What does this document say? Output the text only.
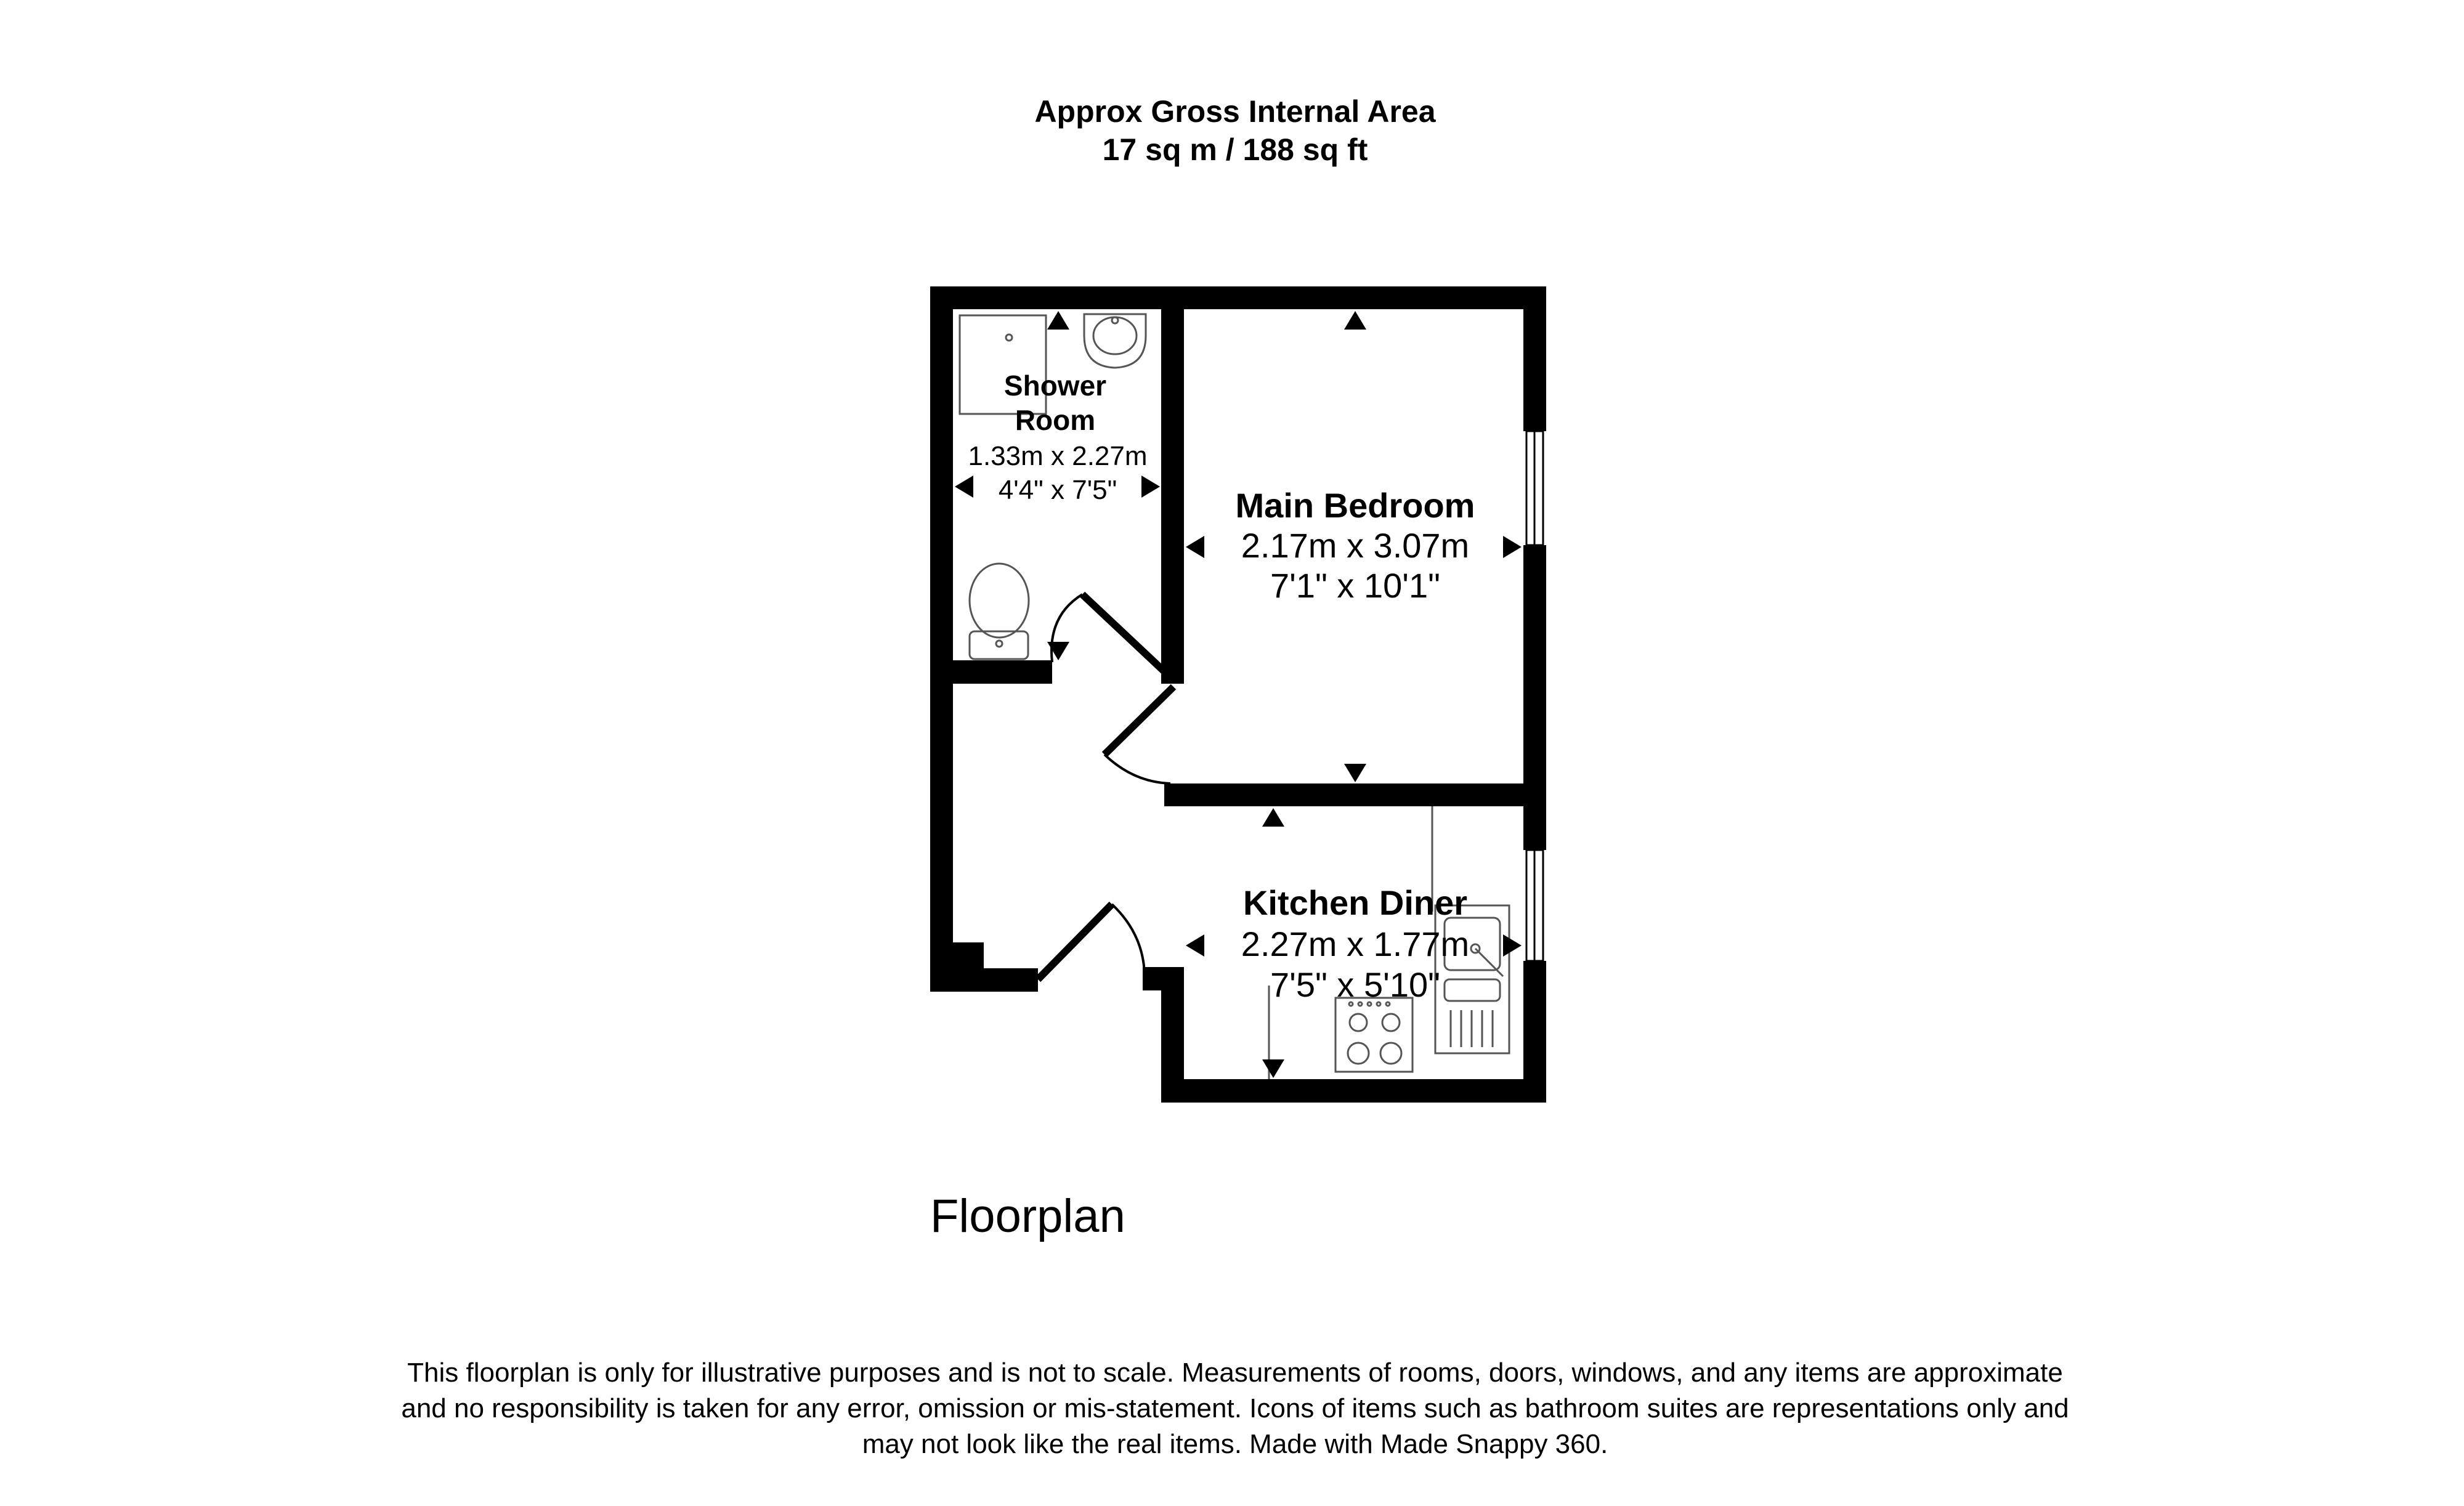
Approx Gross Internal Area
17 sq m / 188 sq ft
Shower
Room
1.33m x 2.27m
4'4" x 7'5"	Main Bedroom
2.17m x 3.07m
7'1" x 10'1"
Kitchen Diner
2.27m x 1.77m
7'5" x 5'10"
Floorplan
This floorplan is only for illustrative purposes and is not to scale. Measurements of rooms, doors, windows, and any items are approximate
and no responsibility is taken for any error, omission or mis-statement. Icons of items such as bathroom suites are representations only and
may not look like the real items. Made with Made Snappy 360.
